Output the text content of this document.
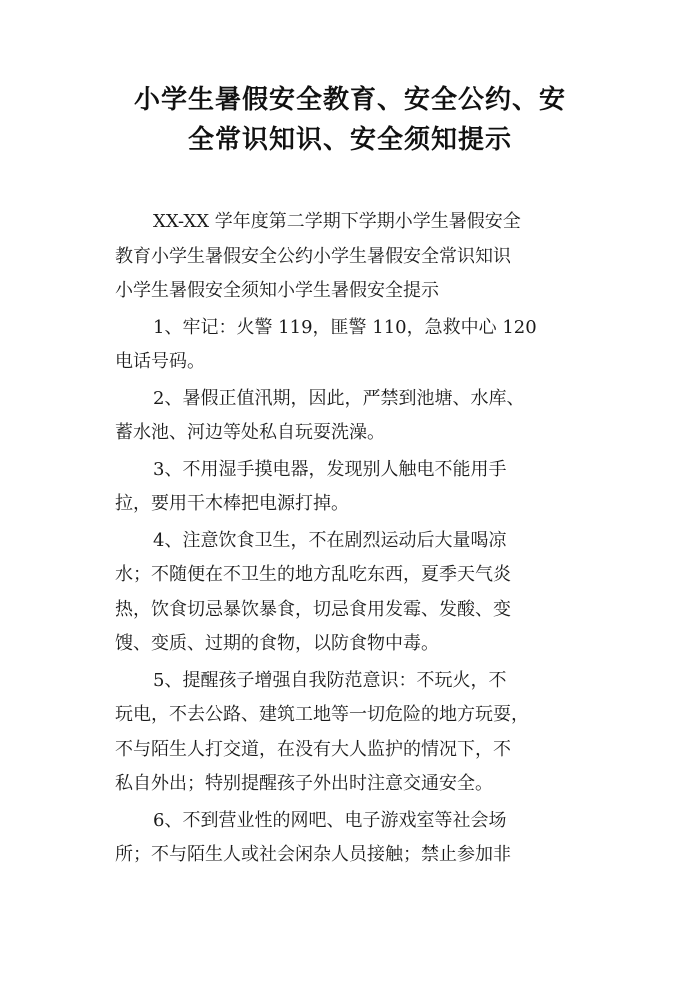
小学生暑假安全教育、安全公约、安
全常识知识、安全须知提示

XX-XX 学年度第二学期下学期小学生暑假安全
教育小学生暑假安全公约小学生暑假安全常识知识
小学生暑假安全须知小学生暑假安全提示

1、牢记：火警 119，匪警 110，急救中心 120
电话号码。

2、暑假正值汛期，因此，严禁到池塘、水库、
蓄水池、河边等处私自玩耍洗澡。

3、不用湿手摸电器，发现别人触电不能用手
拉，要用干木棒把电源打掉。

4、注意饮食卫生，不在剧烈运动后大量喝凉
水；不随便在不卫生的地方乱吃东西，夏季天气炎
热，饮食切忌暴饮暴食，切忌食用发霉、发酸、变
馊、变质、过期的食物，以防食物中毒。

5、提醒孩子增强自我防范意识：不玩火，不
玩电，不去公路、建筑工地等一切危险的地方玩耍，
不与陌生人打交道，在没有大人监护的情况下，不
私自外出；特别提醒孩子外出时注意交通安全。

6、不到营业性的网吧、电子游戏室等社会场
所；不与陌生人或社会闲杂人员接触；禁止参加非
